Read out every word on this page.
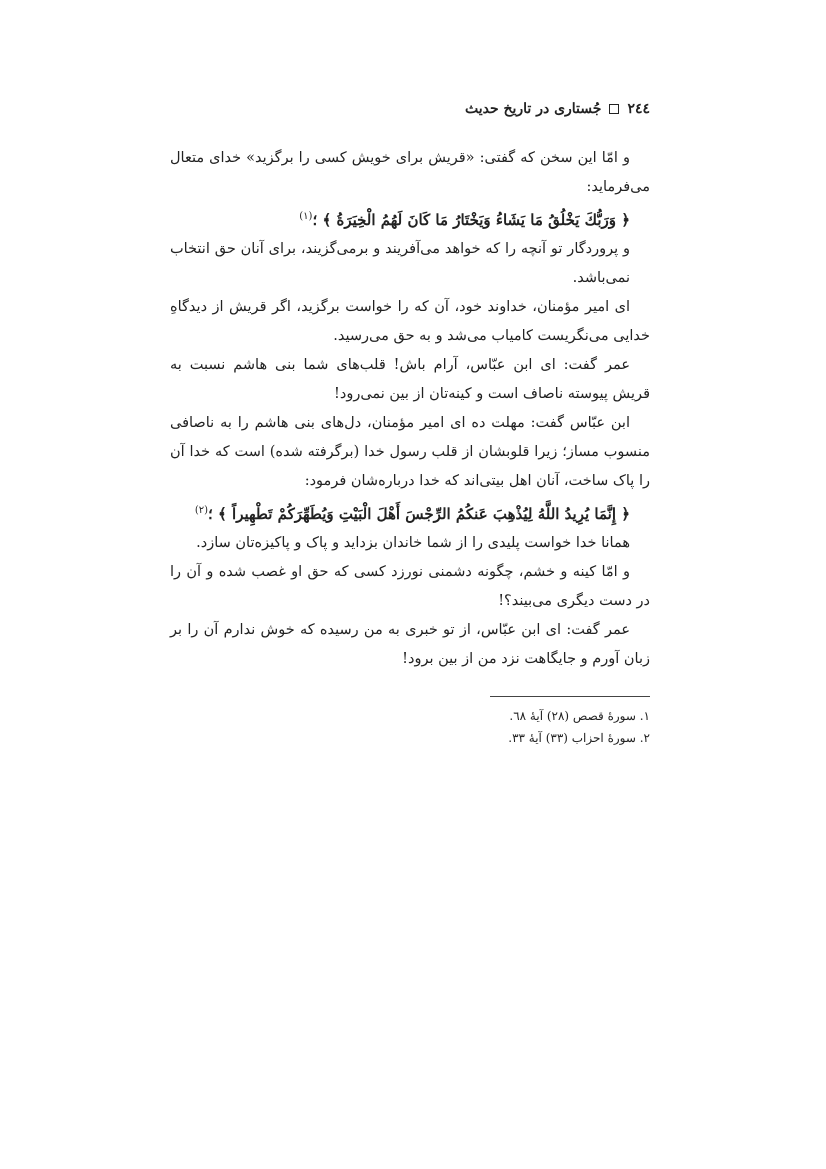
٢٤٤
جُستاری در تاریخ حدیث

و امّا این سخن که گفتی: «قریش برای خویش کسی را برگزید» خدای متعال می‌فرماید:

﴿ وَرَبُّكَ يَخْلُقُ مَا يَشَاءُ وَيَخْتَارُ مَا كَانَ لَهُمُ الْخِيَرَةُ ﴾ ؛$^{(١)}$

و پروردگار تو آنچه را که خواهد می‌آفریند و برمی‌گزیند، برای آنان حق انتخاب نمی‌باشد.

ای امیر مؤمنان، خداوند خود، آن که را خواست برگزید، اگر قریش از دیدگاهِ خدایی می‌نگریست کامیاب می‌شد و به حق می‌رسید.

عمر گفت: ای ابن عبّاس، آرام باش! قلب‌های شما بنی هاشم نسبت به قریش پیوسته ناصاف است و کینه‌تان از بین نمی‌رود!

ابن عبّاس گفت: مهلت ده ای امیر مؤمنان، دل‌های بنی هاشم را به ناصافی منسوب مساز؛ زیرا قلوبشان از قلب رسول خدا (برگرفته شده) است که خدا آن را پاک ساخت، آنان اهل بیتی‌اند که خدا درباره‌شان فرمود:

﴿ إِنَّمَا يُرِيدُ اللَّهُ لِيُذْهِبَ عَنكُمُ الرِّجْسَ أَهْلَ الْبَيْتِ وَيُطَهِّرَكُمْ تَطْهِيراً ﴾ ؛$^{(٢)}$

همانا خدا خواست پلیدی را از شما خاندان بزداید و پاک و پاکیزه‌تان سازد.

و امّا کینه و خشم، چگونه دشمنی نورزد کسی که حق او غصب شده و آن را در دست دیگری می‌بیند؟!

عمر گفت: ای ابن عبّاس، از تو خبری به من رسیده که خوش ندارم آن را بر زبان آورم و جایگاهت نزد من از بین برود!

١. سورهٔ قصص (٢٨) آیهٔ ٦٨.

٢. سورهٔ احزاب (٣٣) آیهٔ ٣٣.
